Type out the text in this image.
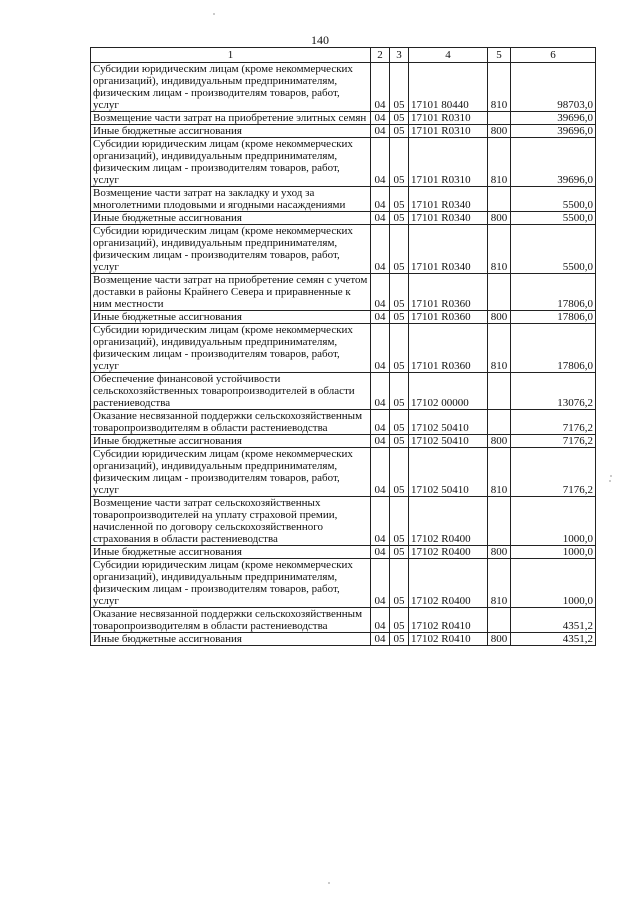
140
1	2	3	4	5	6
Субсидии юридическим лицам (кроме некоммерческих организаций), индивидуальным предпринимателям, физическим лицам - производителям товаров, работ, услуг	04	05	17101 80440	810	98703,0
Возмещение части затрат на приобретение элитных семян	04	05	17101 R0310		39696,0
Иные бюджетные ассигнования	04	05	17101 R0310	800	39696,0
Субсидии юридическим лицам (кроме некоммерческих организаций), индивидуальным предпринимателям, физическим лицам - производителям товаров, работ, услуг	04	05	17101 R0310	810	39696,0
Возмещение части затрат на закладку и уход за многолетними плодовыми и ягодными насаждениями	04	05	17101 R0340		5500,0
Иные бюджетные ассигнования	04	05	17101 R0340	800	5500,0
Субсидии юридическим лицам (кроме некоммерческих организаций), индивидуальным предпринимателям, физическим лицам - производителям товаров, работ, услуг	04	05	17101 R0340	810	5500,0
Возмещение части затрат на приобретение семян с учетом доставки в районы Крайнего Севера и приравненные к ним местности	04	05	17101 R0360		17806,0
Иные бюджетные ассигнования	04	05	17101 R0360	800	17806,0
Субсидии юридическим лицам (кроме некоммерческих организаций), индивидуальным предпринимателям, физическим лицам - производителям товаров, работ, услуг	04	05	17101 R0360	810	17806,0
Обеспечение финансовой устойчивости сельскохозяйственных товаропроизводителей в области растениеводства	04	05	17102 00000		13076,2
Оказание несвязанной поддержки сельскохозяйственным товаропроизводителям в области растениеводства	04	05	17102 50410		7176,2
Иные бюджетные ассигнования	04	05	17102 50410	800	7176,2
Субсидии юридическим лицам (кроме некоммерческих организаций), индивидуальным предпринимателям, физическим лицам - производителям товаров, работ, услуг	04	05	17102 50410	810	7176,2
Возмещение части затрат сельскохозяйственных товаропроизводителей на уплату страховой премии, начисленной по договору сельскохозяйственного страхования в области растениеводства	04	05	17102 R0400		1000,0
Иные бюджетные ассигнования	04	05	17102 R0400	800	1000,0
Субсидии юридическим лицам (кроме некоммерческих организаций), индивидуальным предпринимателям, физическим лицам - производителям товаров, работ, услуг	04	05	17102 R0400	810	1000,0
Оказание несвязанной поддержки сельскохозяйственным товаропроизводителям в области растениеводства	04	05	17102 R0410		4351,2
Иные бюджетные ассигнования	04	05	17102 R0410	800	4351,2
